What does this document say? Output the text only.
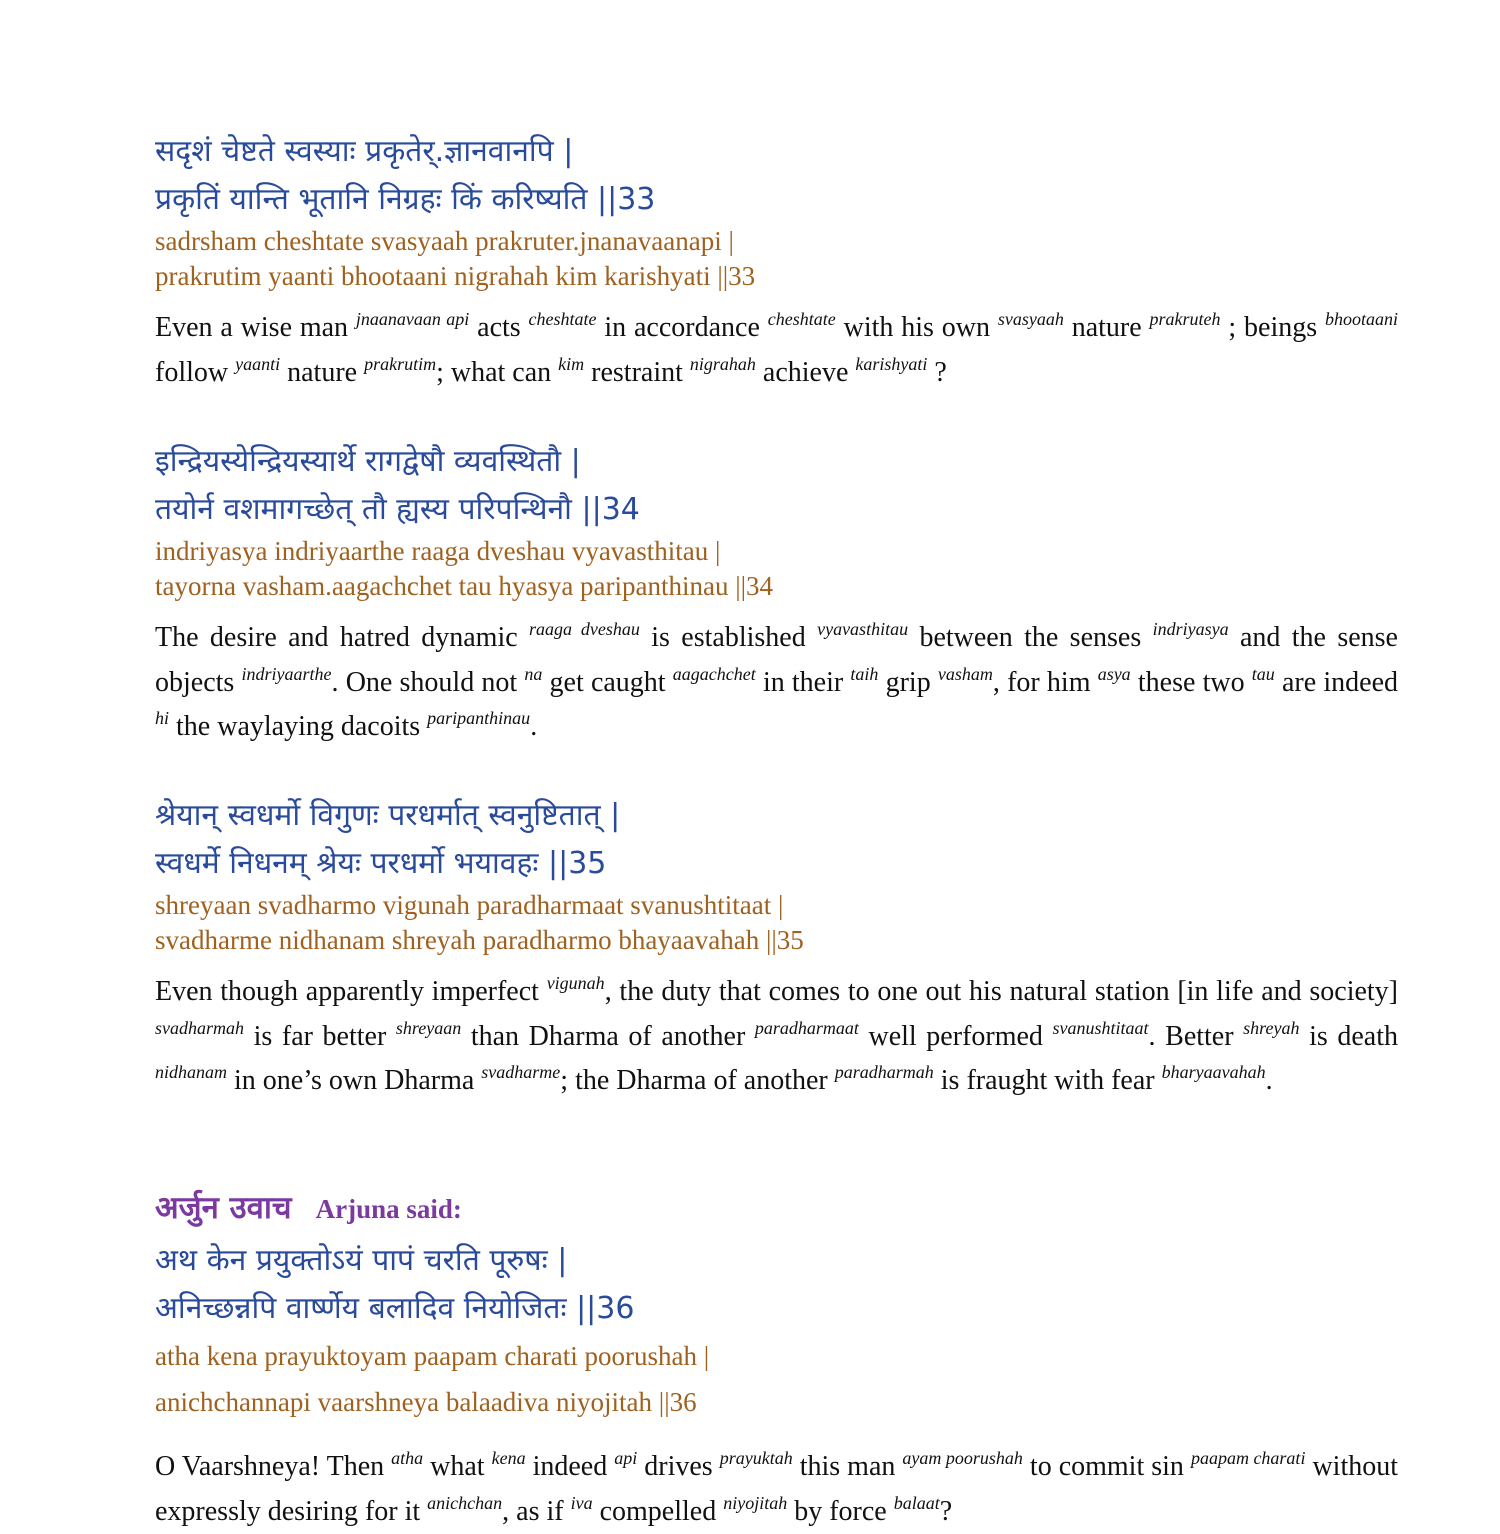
सदृशं चेष्टते स्वस्याः प्रकृतेर्.ज्ञानवानपि |
प्रकृतिं यान्ति भूतानि निग्रहः किं करिष्यति ||33
sadrsham cheshtate svasyaah prakruter.jnanavaanapi |
prakrutim yaanti bhootaani nigrahah kim karishyati ||33
Even a wise man $^{jnaanavaan api}$ acts $^{cheshtate}$ in accordance $^{cheshtate}$ with his own $^{svasyaah}$ nature $^{prakruteh}$ ; beings $^{bhootaani}$ follow $^{yaanti}$ nature $^{prakrutim}$; what can $^{kim}$ restraint $^{nigrahah}$ achieve $^{karishyati}$ ?
इन्द्रियस्येन्द्रियस्यार्थे रागद्वेषौ व्यवस्थितौ |
तयोर्न वशमागच्छेत् तौ ह्यस्य परिपन्थिनौ ||34
indriyasya indriyaarthe raaga dveshau vyavasthitau |
tayorna vasham.aagachchet tau hyasya paripanthinau ||34
The desire and hatred dynamic $^{raaga dveshau}$ is established $^{vyavasthitau}$ between the senses $^{indriyasya}$ and the sense objects $^{indriyaarthe}$. One should not $^{na}$ get caught $^{aagachchet}$ in their $^{taih}$ grip $^{vasham}$, for him $^{asya}$ these two $^{tau}$ are indeed $^{hi}$ the waylaying dacoits $^{paripanthinau}$.
श्रेयान् स्वधर्मो विगुणः परधर्मात् स्वनुष्टितात् |
स्वधर्मे निधनम् श्रेयः परधर्मो भयावहः ||35
shreyaan svadharmo vigunah paradharmaat svanushtitaat |
svadharme nidhanam shreyah paradharmo bhayaavahah ||35
Even though apparently imperfect $^{vigunah}$, the duty that comes to one out his natural station [in life and society] $^{svadharmah}$ is far better $^{shreyaan}$ than Dharma of another $^{paradharmaat}$ well performed $^{svanushtitaat}$. Better $^{shreyah}$ is death $^{nidhanam}$ in one’s own Dharma $^{svadharme}$; the Dharma of another $^{paradharmah}$ is fraught with fear $^{bharyaavahah}$.
अर्जुन उवाच Arjuna said:
अथ केन प्रयुक्तोऽयं पापं चरति पूरुषः |
अनिच्छन्नपि वार्ष्णेय बलादिव नियोजितः ||36
atha kena prayuktoyam paapam charati poorushah |
anichchannapi vaarshneya balaadiva niyojitah ||36
O Vaarshneya! Then $^{atha}$ what $^{kena}$ indeed $^{api}$ drives $^{prayuktah}$ this man $^{ayam poorushah}$ to commit sin $^{paapam charati}$ without expressly desiring for it $^{anichchan}$, as if $^{iva}$ compelled $^{niyojitah}$ by force $^{balaat}$?
